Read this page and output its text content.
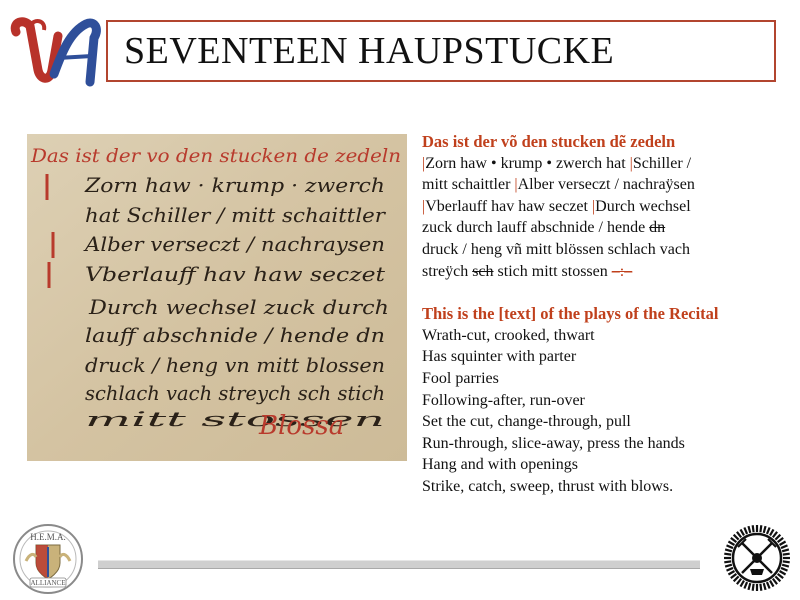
SEVENTEEN HAUPSTUCKE
Das ist der vo den stucken de zedeln
Zorn haw · krump · zwerch
hat Schiller / mitt schaittler
Alber verseczt / nachraysen
Vberlauff hav haw seczet
Durch wechsel zuck durch
lauff abschnide / hende dn
druck / heng vn mitt blossen
schlach vach streych sch stich
mitt stossen
Blossa
Das ist der võ den stucken dẽ zedeln
|Zorn haw • krump • zwerch hat |Schiller /
mitt schaittler |Alber verseczt / nachraÿsen
|Vberlauff hav haw seczet |Durch wechsel
zuck durch lauff abschnide / hende dn
druck / heng vñ mitt blössen schlach vach
streÿch sch stich mitt stossen –:–
This is the [text] of the plays of the Recital
Wrath-cut, crooked, thwart
Has squinter with parter
Fool parries
Following-after, run-over
Set the cut, change-through, pull
Run-through, slice-away, press the hands
Hang and with openings
Strike, catch, sweep, thrust with blows.
H.E.M.A.
ALLIANCE
